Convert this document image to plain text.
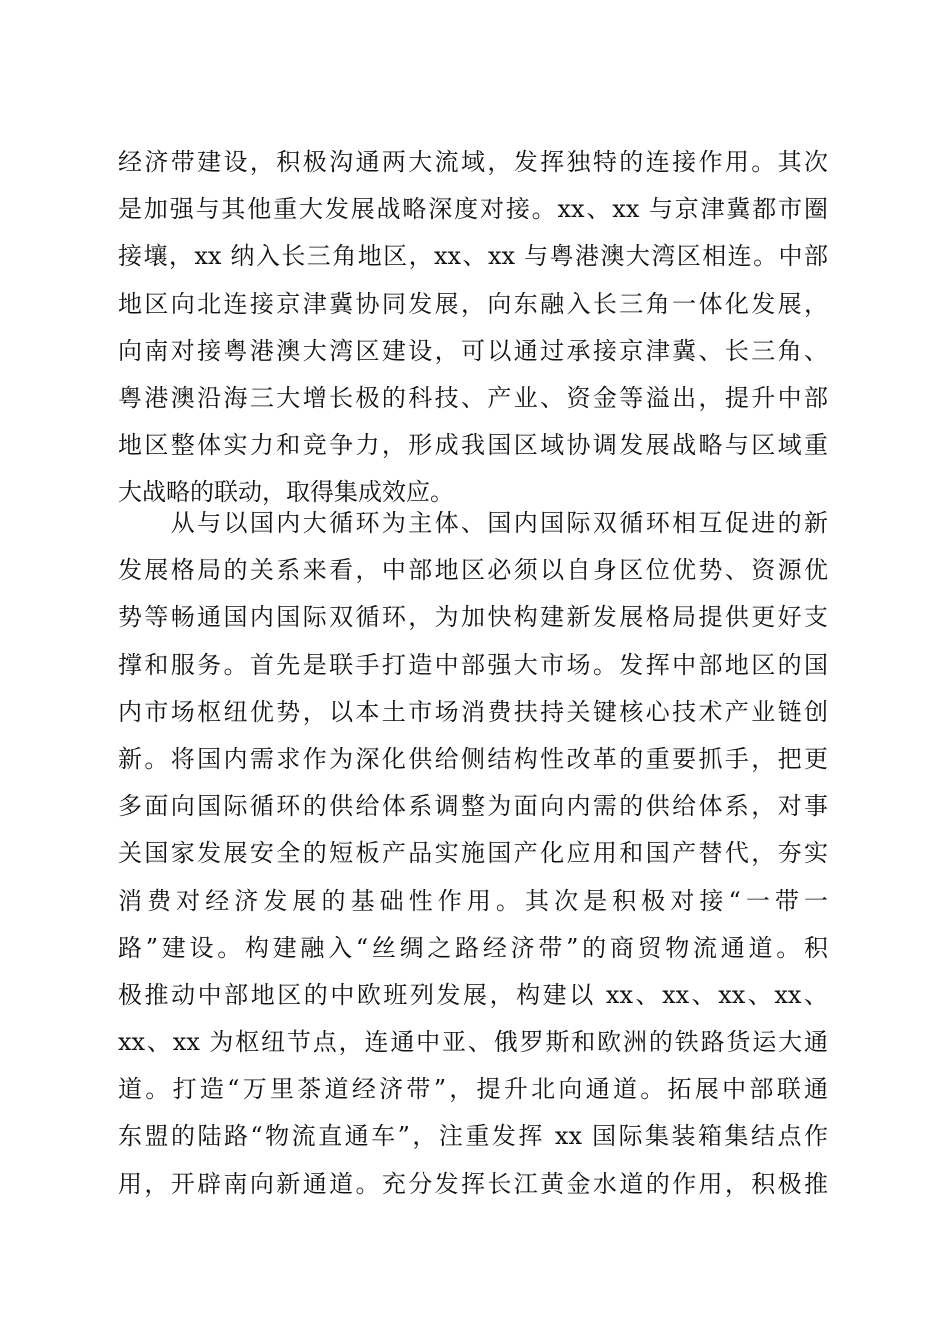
经济带建设，积极沟通两大流域，发挥独特的连接作用。其次
是加强与其他重大发展战略深度对接。xx、xx 与京津冀都市圈
接壤，xx 纳入长三角地区，xx、xx 与粤港澳大湾区相连。中部
地区向北连接京津冀协同发展，向东融入长三角一体化发展，
向南对接粤港澳大湾区建设，可以通过承接京津冀、长三角、
粤港澳沿海三大增长极的科技、产业、资金等溢出，提升中部
地区整体实力和竞争力，形成我国区域协调发展战略与区域重
大战略的联动，取得集成效应。
　　从与以国内大循环为主体、国内国际双循环相互促进的新
发展格局的关系来看，中部地区必须以自身区位优势、资源优
势等畅通国内国际双循环，为加快构建新发展格局提供更好支
撑和服务。首先是联手打造中部强大市场。发挥中部地区的国
内市场枢纽优势，以本土市场消费扶持关键核心技术产业链创
新。将国内需求作为深化供给侧结构性改革的重要抓手，把更
多面向国际循环的供给体系调整为面向内需的供给体系，对事
关国家发展安全的短板产品实施国产化应用和国产替代，夯实
消费对经济发展的基础性作用。其次是积极对接“一带一
路”建设。构建融入“丝绸之路经济带”的商贸物流通道。积
极推动中部地区的中欧班列发展，构建以 xx、xx、xx、xx、
xx、xx 为枢纽节点，连通中亚、俄罗斯和欧洲的铁路货运大通
道。打造“万里茶道经济带”，提升北向通道。拓展中部联通
东盟的陆路“物流直通车”，注重发挥 xx 国际集装箱集结点作
用，开辟南向新通道。充分发挥长江黄金水道的作用，积极推
